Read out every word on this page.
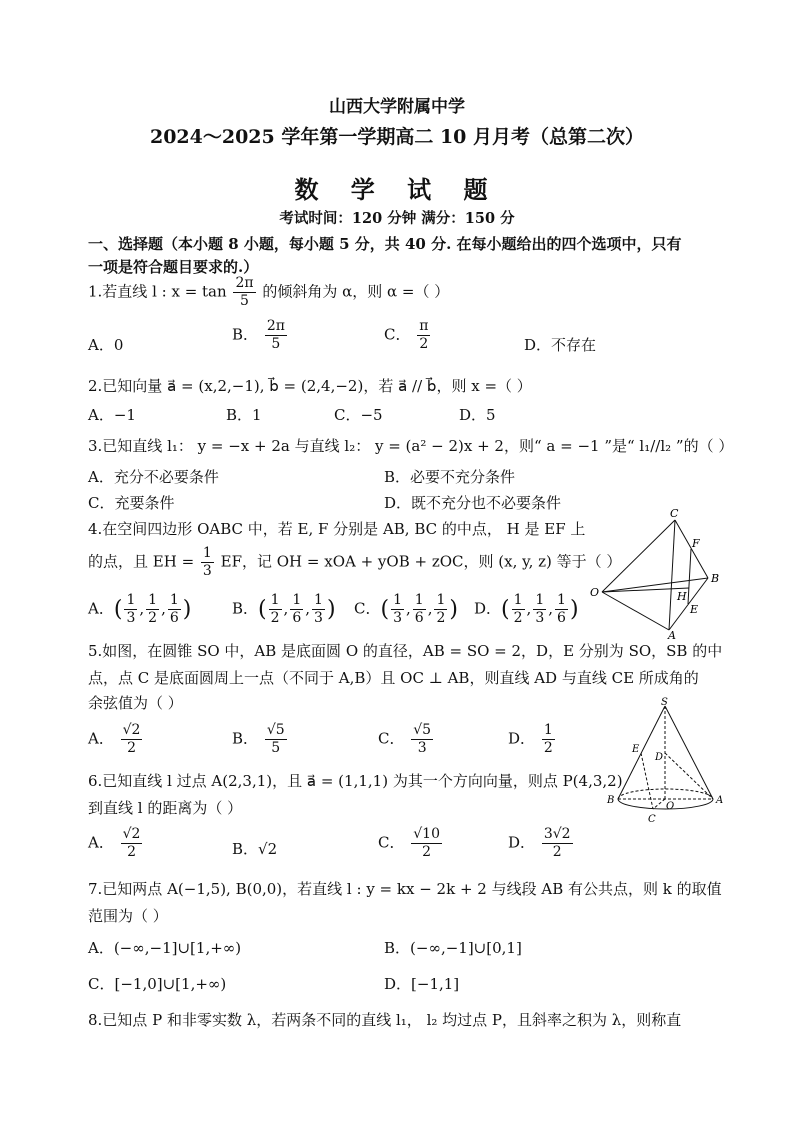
山西大学附属中学
2024～2025 学年第一学期高二 10 月月考（总第二次）
数 学 试 题
考试时间：120 分钟 满分：150 分
一、选择题（本小题 8 小题，每小题 5 分，共 40 分. 在每小题给出的四个选项中，只有
一项是符合题目要求的.）
1.若直线 l : $x = \tan \frac{2\pi}{5}$ 的倾斜角为 α，则 α =（ ）
A．0
B． $\frac{2\pi}{5}$	C． $\frac{\pi}{2}$	D．不存在
2.已知向量 a⃗ = (x,2,−1), b⃗ = (2,4,−2)，若 a⃗ // b⃗，则 x =（ ）
A．−1	B．1	C．−5	D．5
3.已知直线 l₁： y = −x + 2a 与直线 l₂： y = (a² − 2)x + 2，则“ a = −1 ”是“ l₁//l₂ ”的（ ）
A．充分不必要条件	B．必要不充分条件
C．充要条件	D．既不充分也不必要条件
4.在空间四边形 OABC 中，若 E, F 分别是 AB, BC 的中点， H 是 EF 上
的点，且 EH = $\frac{1}{3}$ EF，记 OH = xOA + yOB + zOC，则 (x, y, z) 等于（ ）
A．( $\frac{1}{3}$ , $\frac{1}{2}$ , $\frac{1}{6}$ )	B．( $\frac{1}{2}$ , $\frac{1}{6}$ , $\frac{1}{3}$ ) C．( $\frac{1}{3}$ , $\frac{1}{6}$ , $\frac{1}{2}$ ) D．( $\frac{1}{2}$ , $\frac{1}{3}$ , $\frac{1}{6}$ )
C
F
B
O	H
E
A
5.如图，在圆锥 SO 中，AB 是底面圆 O 的直径，AB = SO = 2，D，E 分别为 SO，SB 的中
点，点 C 是底面圆周上一点（不同于 A,B）且 OC ⊥ AB，则直线 AD 与直线 CE 所成角的
余弦值为（ ）
A． $\frac{√2}{2}$	B． $\frac{√5}{5}$	C． $\frac{√5}{3}$	D． $\frac{1}{2}$
S
E
D
B
O
A
C
6.已知直线 l 过点 A(2,3,1)，且 a⃗ = (1,1,1) 为其一个方向向量，则点 P(4,3,2)
到直线 l 的距离为（ ）
A． $\frac{√2}{2}$	B．√2	C． $\frac{√10}{2}$	D． $\frac{3√2}{2}$
7.已知两点 A(−1,5), B(0,0)，若直线 l : y = kx − 2k + 2 与线段 AB 有公共点，则 k 的取值
范围为（ ）
A．(−∞,−1]∪[1,+∞)	B．(−∞,−1]∪[0,1]
C．[−1,0]∪[1,+∞)	D．[−1,1]
8.已知点 P 和非零实数 λ，若两条不同的直线 l₁， l₂ 均过点 P，且斜率之积为 λ，则称直
